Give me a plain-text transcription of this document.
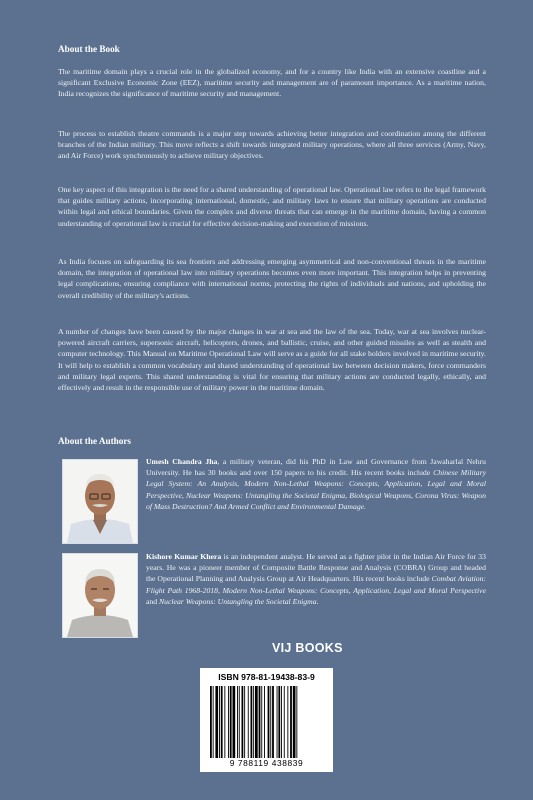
About the Book

The maritime domain plays a crucial role in the globalized economy, and for a country like India with an extensive coastline and a significant Exclusive Economic Zone (EEZ), maritime security and management are of paramount importance. As a maritime nation, India recognizes the significance of maritime security and management.

The process to establish theatre commands is a major step towards achieving better integration and coordination among the different branches of the Indian military. This move reflects a shift towards integrated military operations, where all three services (Army, Navy, and Air Force) work synchronously to achieve military objectives.

One key aspect of this integration is the need for a shared understanding of operational law. Operational law refers to the legal framework that guides military actions, incorporating international, domestic, and military laws to ensure that military operations are conducted within legal and ethical boundaries. Given the complex and diverse threats that can emerge in the maritime domain, having a common understanding of operational law is crucial for effective decision-making and execution of missions.

As India focuses on safeguarding its sea frontiers and addressing emerging asymmetrical and non-conventional threats in the maritime domain, the integration of operational law into military operations becomes even more important. This integration helps in preventing legal complications, ensuring compliance with international norms, protecting the rights of individuals and nations, and upholding the overall credibility of the military's actions.

A number of changes have been caused by the major changes in war at sea and the law of the sea. Today, war at sea involves nuclear-powered aircraft carriers, supersonic aircraft, helicopters, drones, and ballistic, cruise, and other guided missiles as well as stealth and computer technology. This Manual on Maritime Operational Law will serve as a guide for all stake holders involved in maritime security. It will help to establish a common vocabulary and shared understanding of operational law between decision makers, force commanders and military legal experts. This shared understanding is vital for ensuring that military actions are conducted legally, ethically, and effectively and result in the responsible use of military power in the maritime domain.

About the Authors

Umesh Chandra Jha, a military veteran, did his PhD in Law and Governance from Jawaharlal Nehru University. He has 30 books and over 150 papers to his credit. His recent books include Chinese Military Legal System: An Analysis, Modern Non-Lethal Weapons: Concepts, Application, Legal and Moral Perspective, Nuclear Weapons: Untangling the Societal Enigma, Biological Weapons, Corona Virus: Weapon of Mass Destruction? And Armed Conflict and Environmental Damage.

Kishore Kumar Khera is an independent analyst. He served as a fighter pilot in the Indian Air Force for 33 years. He was a pioneer member of Composite Battle Response and Analysis (COBRA) Group and headed the Operational Planning and Analysis Group at Air Headquarters. His recent books include Combat Aviation: Flight Path 1968-2018, Modern Non-Lethal Weapons: Concepts, Application, Legal and Moral Perspective and Nuclear Weapons: Untangling the Societal Enigma.

VIJ BOOKS
ISBN 978-81-19438-83-9
9 788119 438839
